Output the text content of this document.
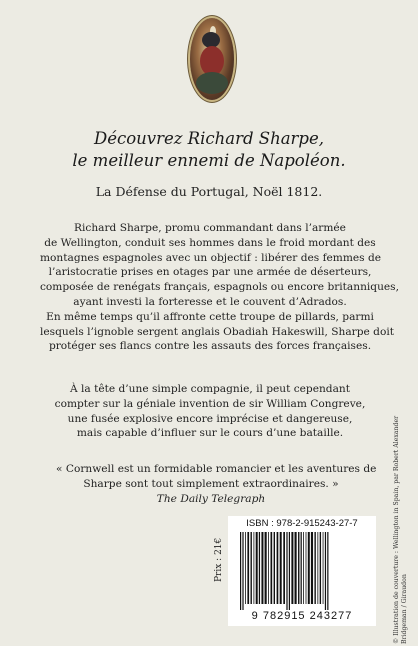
Découvrez Richard Sharpe,
le meilleur ennemi de Napoléon.
La Défense du Portugal, Noël 1812.
Richard Sharpe, promu commandant dans l’armée
de Wellington, conduit ses hommes dans le froid mordant des
montagnes espagnoles avec un objectif : libérer des femmes de
l’aristocratie prises en otages par une armée de déserteurs,
composée de renégats français, espagnols ou encore britanniques,
ayant investi la forteresse et le couvent d’Adrados.
En même temps qu’il affronte cette troupe de pillards, parmi
lesquels l’ignoble sergent anglais Obadiah Hakeswill, Sharpe doit
protéger ses flancs contre les assauts des forces françaises.
À la tête d’une simple compagnie, il peut cependant
compter sur la géniale invention de sir William Congreve,
une fusée explosive encore imprécise et dangereuse,
mais capable d’influer sur le cours d’une bataille.
« Cornwell est un formidable romancier et les aventures de
Sharpe sont tout simplement extraordinaires. »
The Daily Telegraph
Prix : 21€	© Illustration de couverture : Wellington in Spain, par Robert Alexander Bridgeman / Giraudon
ISBN : 978-2-915243-27-7
9 782915 243277
